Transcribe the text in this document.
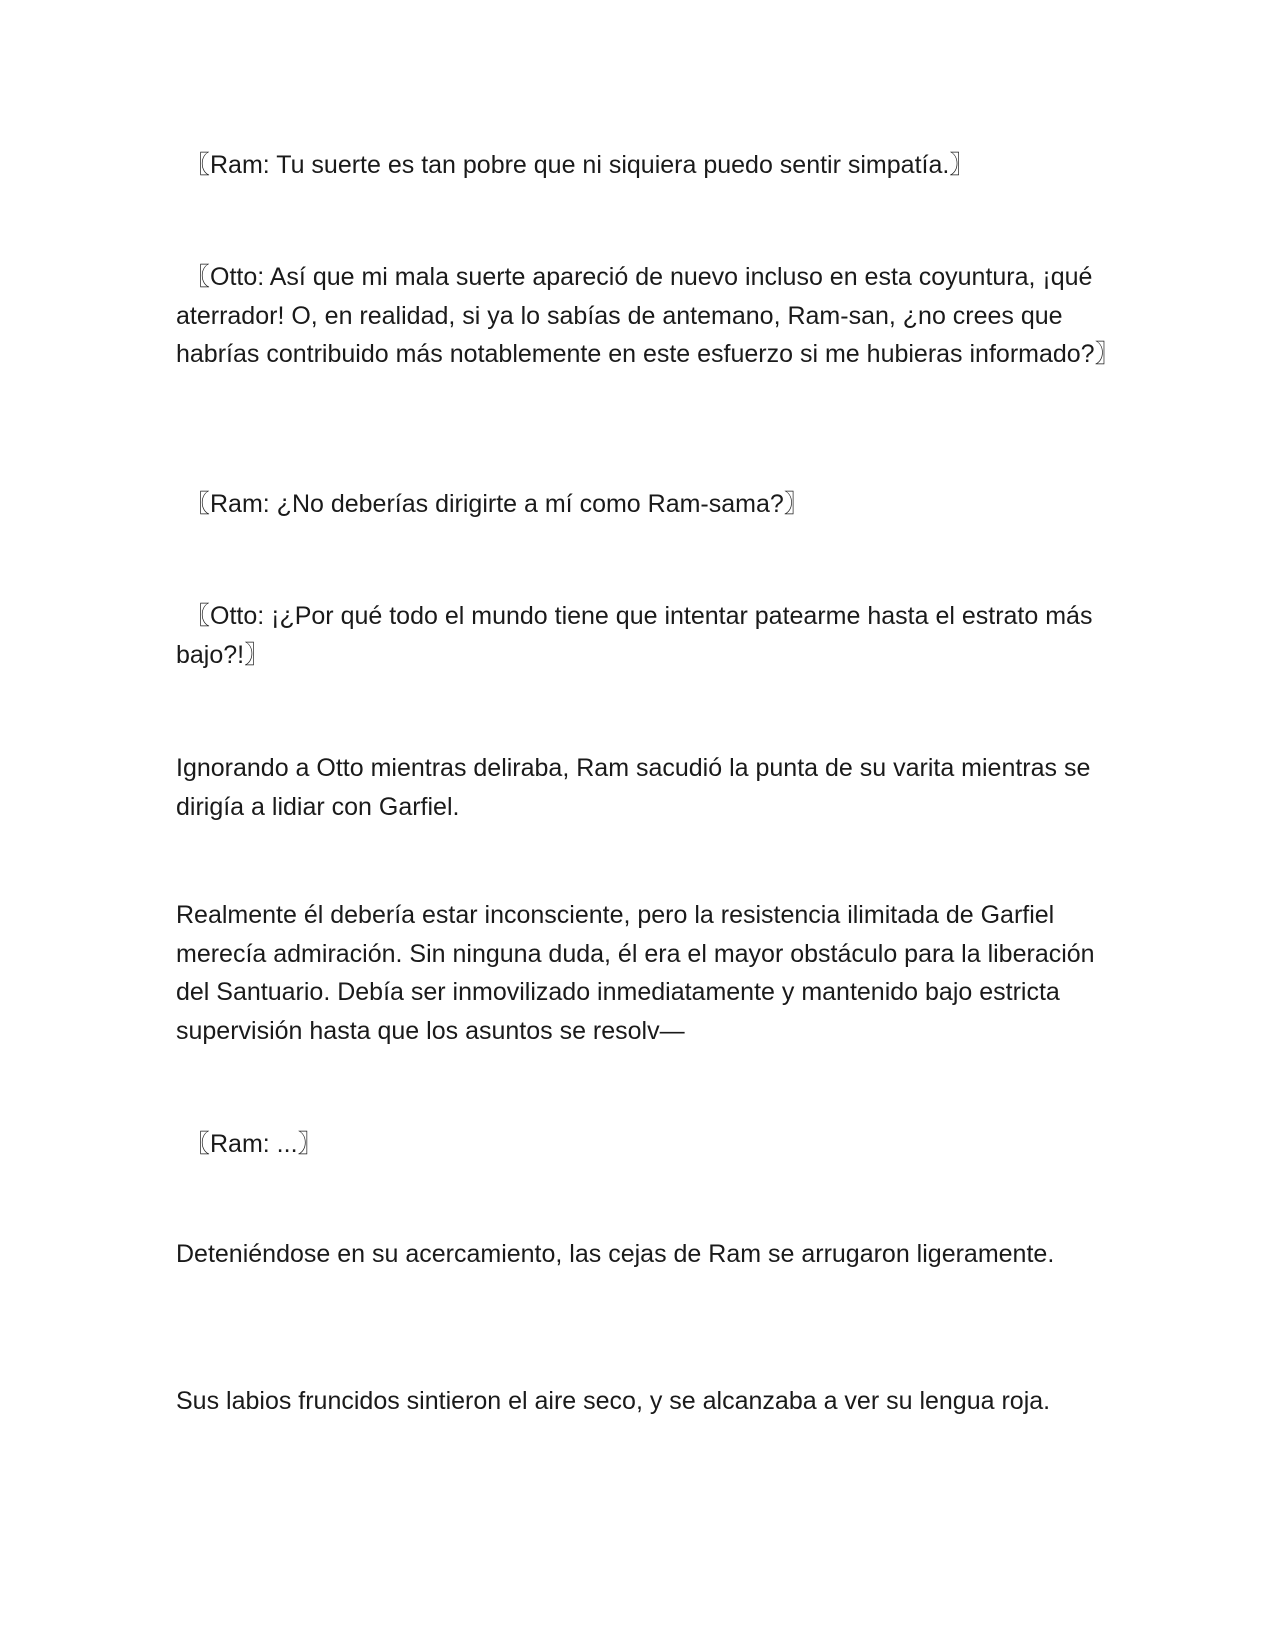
〖Ram: Tu suerte es tan pobre que ni siquiera puedo sentir simpatía.〗

〖Otto: Así que mi mala suerte apareció de nuevo incluso en esta coyuntura, ¡qué aterrador! O, en realidad, si ya lo sabías de antemano, Ram-san, ¿no crees que habrías contribuido más notablemente en este esfuerzo si me hubieras informado?〗

〖Ram: ¿No deberías dirigirte a mí como Ram-sama?〗

〖Otto: ¡¿Por qué todo el mundo tiene que intentar patearme hasta el estrato más bajo?!〗

Ignorando a Otto mientras deliraba, Ram sacudió la punta de su varita mientras se dirigía a lidiar con Garfiel.

Realmente él debería estar inconsciente, pero la resistencia ilimitada de Garfiel merecía admiración. Sin ninguna duda, él era el mayor obstáculo para la liberación del Santuario. Debía ser inmovilizado inmediatamente y mantenido bajo estricta supervisión hasta que los asuntos se resolv—

〖Ram: ...〗

Deteniéndose en su acercamiento, las cejas de Ram se arrugaron ligeramente.

Sus labios fruncidos sintieron el aire seco, y se alcanzaba a ver su lengua roja.
